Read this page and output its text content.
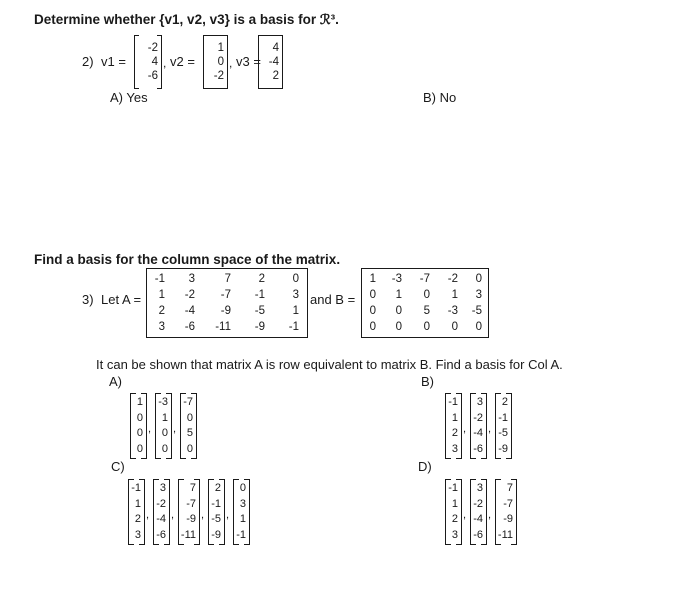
Determine whether {v1, v2, v3} is a basis for ℛ³.
2) v1 =
-2
4
-6
, v2 =
1
0
-2
, v3 =
4
-4
2
A) Yes	B) No
Find a basis for the column space of the matrix.
3) Let A =
-1	3	7	2	0
1	-2	-7	-1	3
2	-4	-9	-5	1
3	-6	-11	-9	-1
and B =
1	-3	-7	-2	0
0	1	0	1	3
0	0	5	-3	-5
0	0	0	0	0
It can be shown that matrix A is row equivalent to matrix B. Find a basis for Col A.
A)	B)
C)	D)
1
0
0
0
,
-3
1
0
0
,
-7
0
5
0
-1
1
2
3
,
3
-2
-4
-6
,
2
-1
-5
-9
-1
1
2
3
,
3
-2
-4
-6
,
7
-7
-9
-11
,
2
-1
-5
-9
,
0
3
1
-1
-1
1
2
3
,
3
-2
-4
-6
,
7
-7
-9
-11
